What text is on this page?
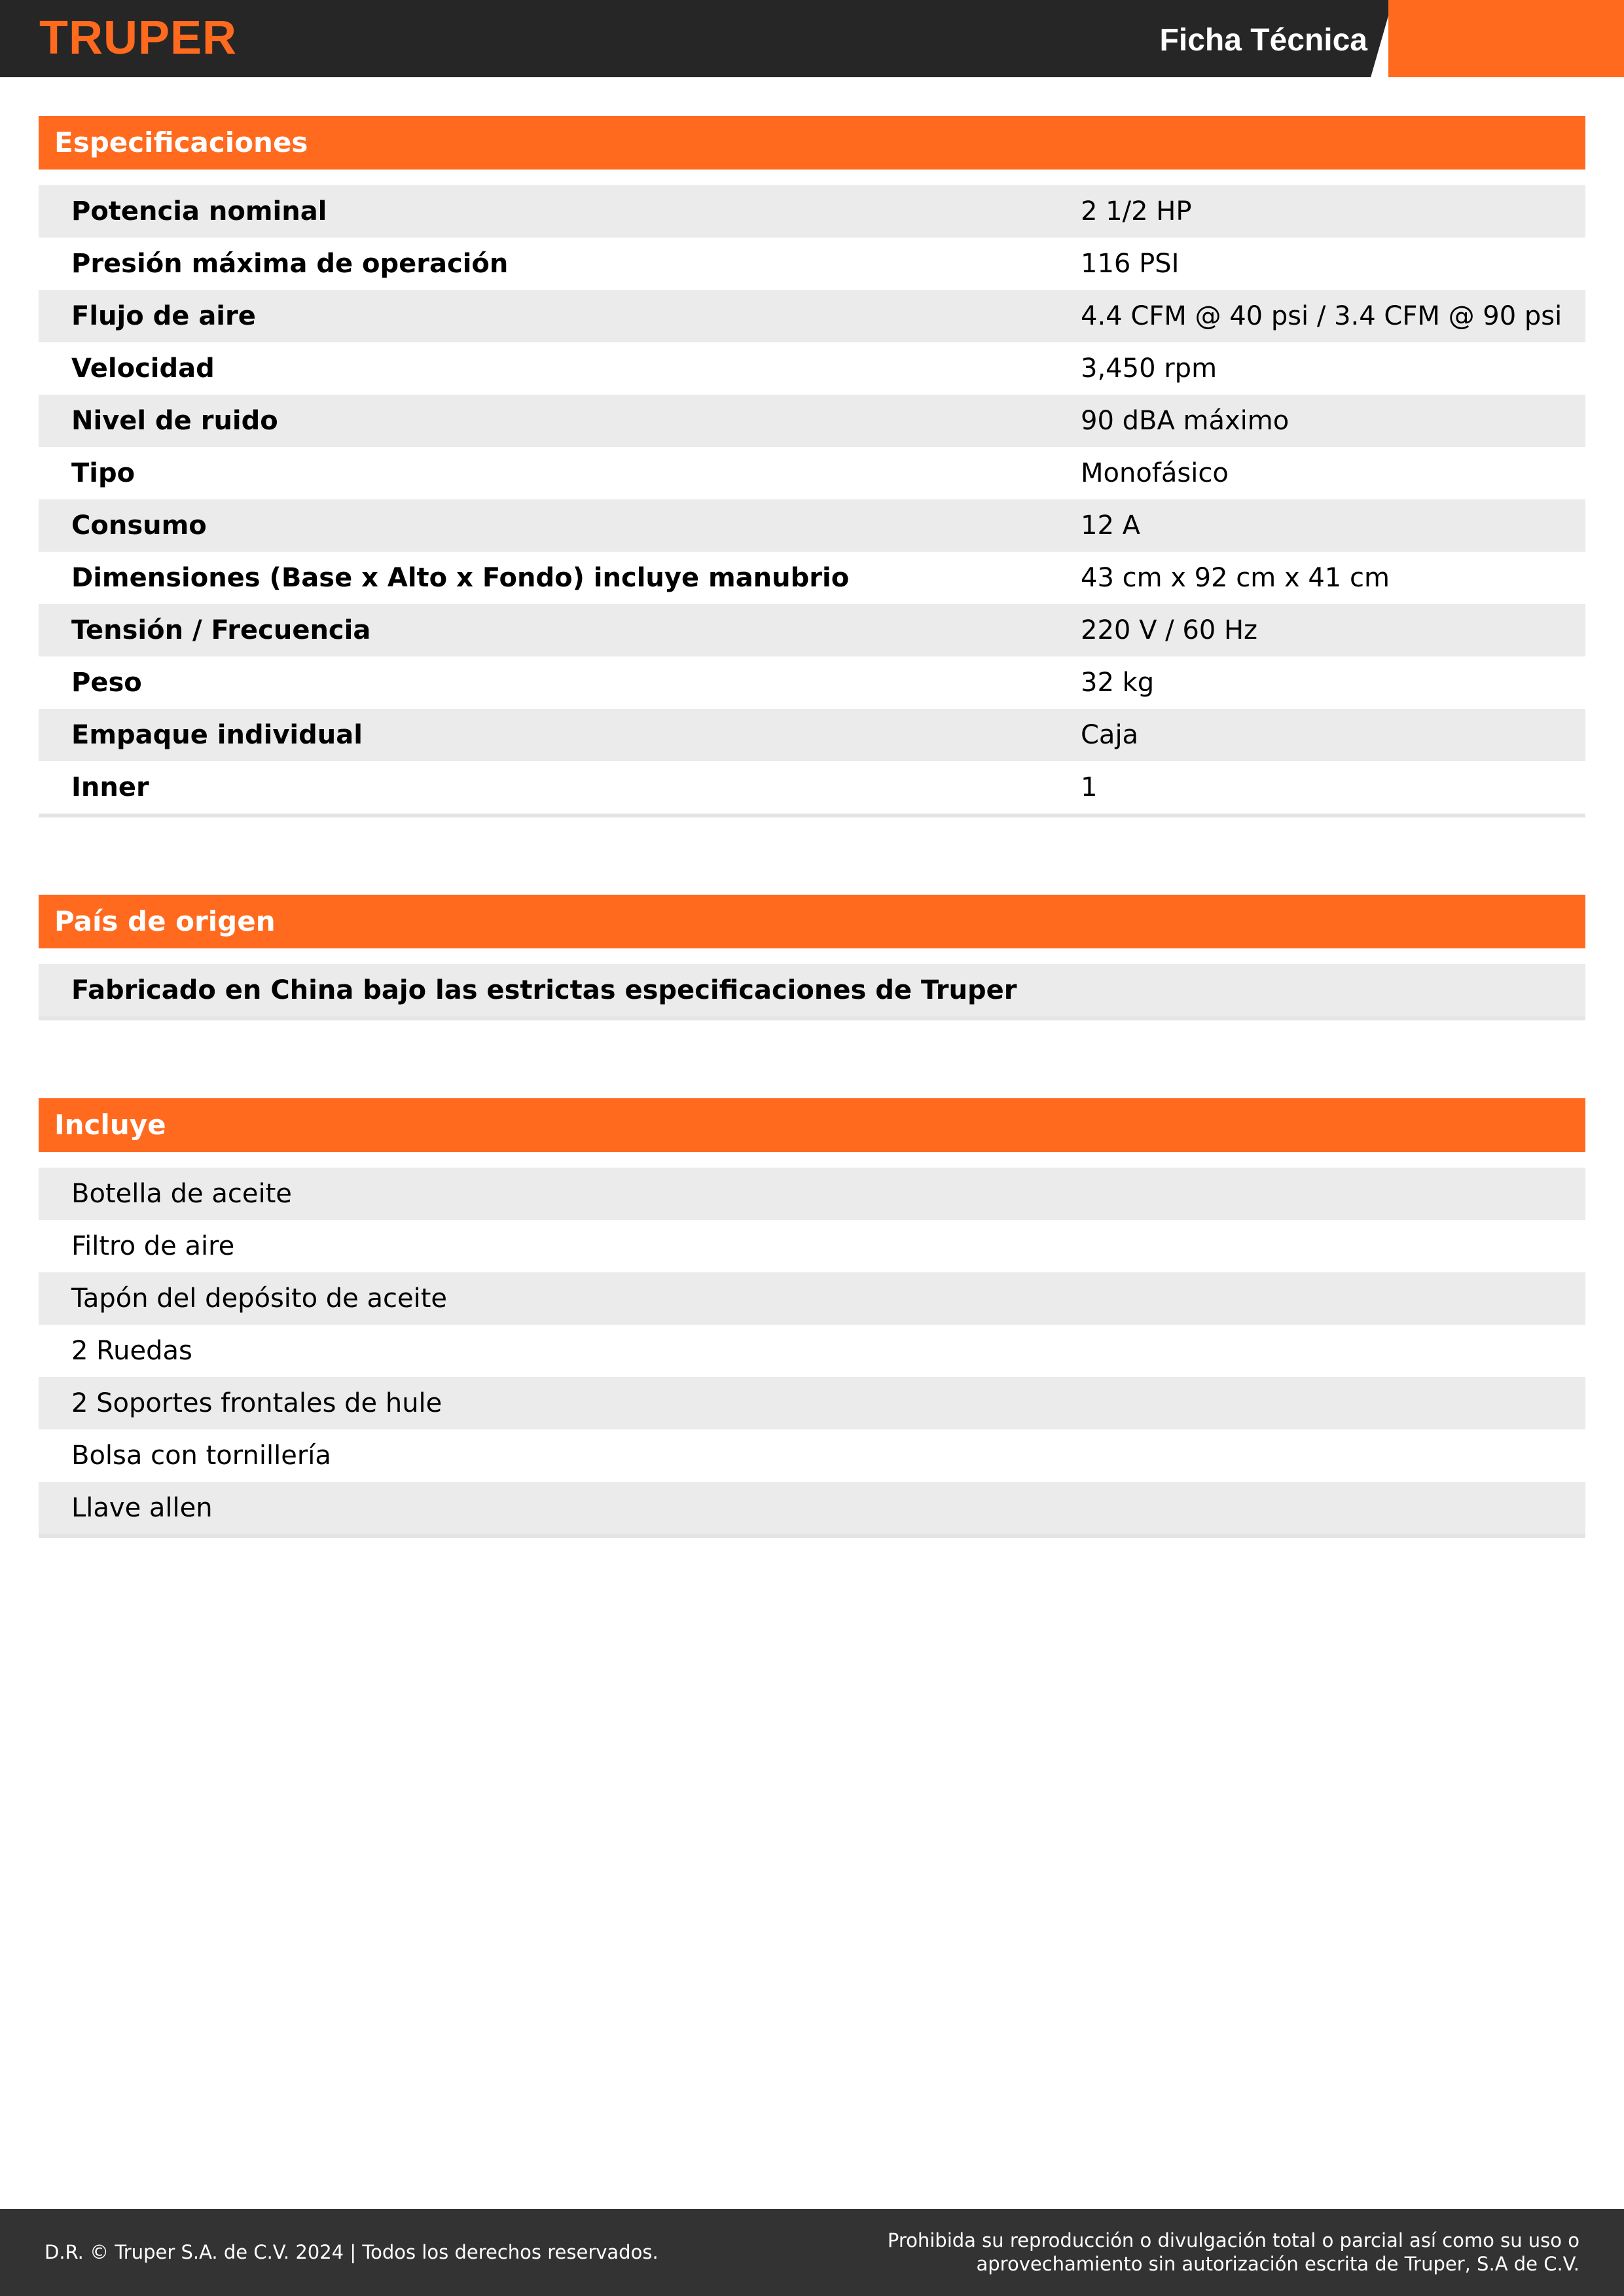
TRUPER	Ficha Técnica
Especificaciones
Potencia nominal	2 1/2 HP
Presión máxima de operación	116 PSI
Flujo de aire	4.4 CFM @ 40 psi / 3.4 CFM @ 90 psi
Velocidad	3,450 rpm
Nivel de ruido	90 dBA máximo
Tipo	Monofásico
Consumo	12 A
Dimensiones (Base x Alto x Fondo) incluye manubrio	43 cm x 92 cm x 41 cm
Tensión / Frecuencia	220 V / 60 Hz
Peso	32 kg
Empaque individual	Caja
Inner	1
País de origen
Fabricado en China bajo las estrictas especificaciones de Truper
Incluye
Botella de aceite
Filtro de aire
Tapón del depósito de aceite
2 Ruedas
2 Soportes frontales de hule
Bolsa con tornillería
Llave allen
D.R. © Truper S.A. de C.V. 2024 | Todos los derechos reservados.
Prohibida su reproducción o divulgación total o parcial así como su uso o
aprovechamiento sin autorización escrita de Truper, S.A de C.V.
